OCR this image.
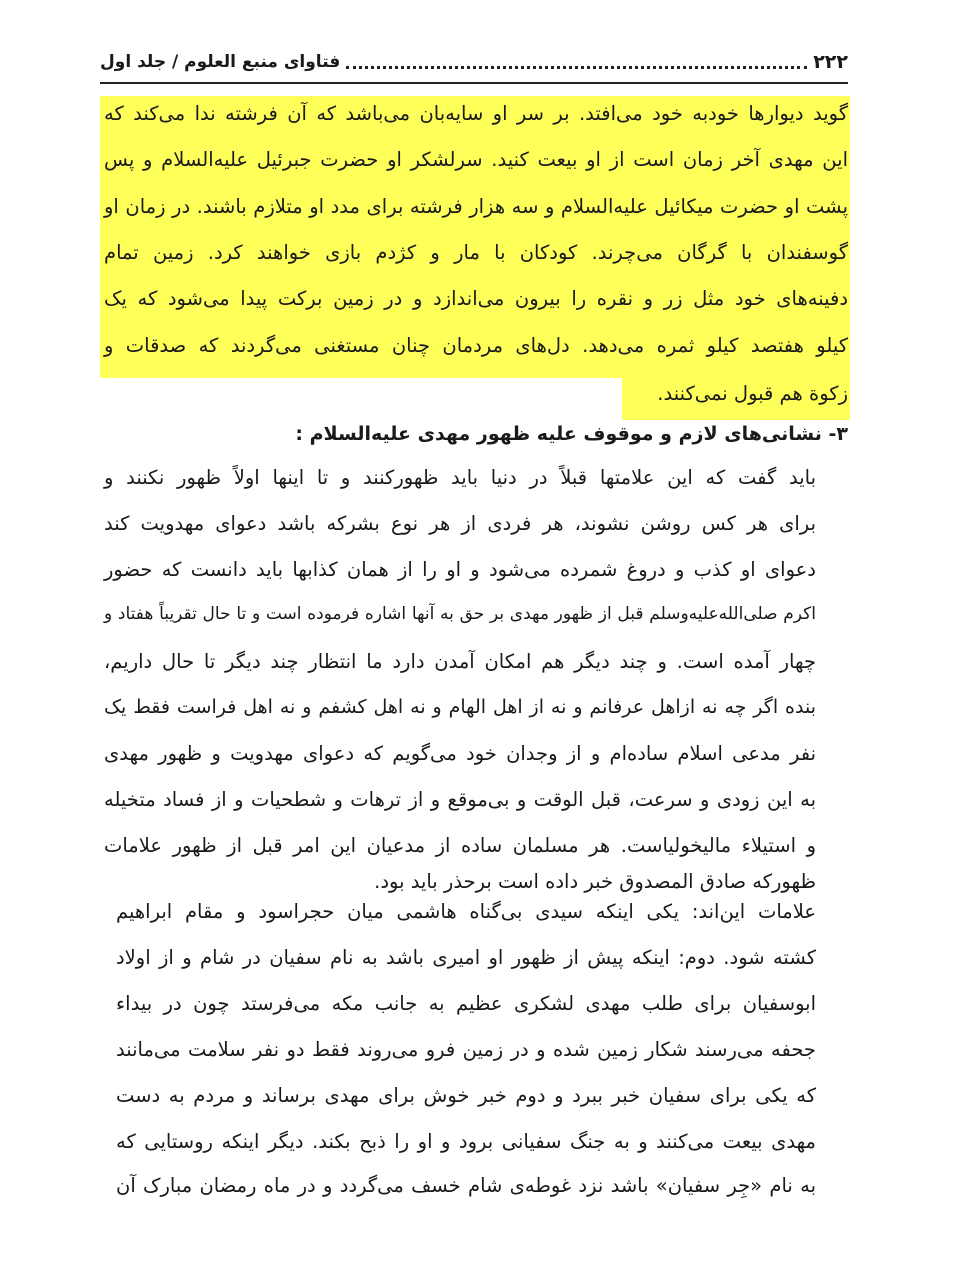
۲۲۲
فتاوای منبع العلوم / جلد اول
گوید دیوارها خودبه خود می‌افتد. بر سر او سایه‌بان می‌باشد که آن فرشته ندا می‌کند که
این مهدی آخر زمان است از او بیعت کنید. سرلشکر او حضرت جبرئیل علیه‌السلام و پس
پشت او حضرت میکائیل علیه‌السلام و سه هزار فرشته برای مدد او متلازم باشند. در زمان او
گوسفندان با گرگان می‌چرند. کودکان با مار و کژدم بازی خواهند کرد. زمین تمام
دفینه‌های خود مثل زر و نقره را بیرون می‌اندازد و در زمین برکت پیدا می‌شود که یک
کیلو هفتصد کیلو ثمره می‌دهد. دل‌های مردمان چنان مستغنی می‌گردند که صدقات و
زکوة هم قبول نمی‌کنند.
۳- نشانی‌های لازم و موقوف علیه ظهور مهدی علیه‌السلام :
باید گفت که این علامتها قبلاً در دنیا باید ظهورکنند و تا اینها اولاً ظهور نکنند و
برای هر کس روشن نشوند، هر فردی از هر نوع بشرکه باشد دعوای مهدویت کند
دعوای او کذب و دروغ شمرده می‌شود و او را از همان کذابها باید دانست که حضور
اکرم صلی‌الله‌علیه‌وسلم قبل از ظهور مهدی بر حق به آنها اشاره فرموده است و تا حال تقریباً هفتاد و
چهار آمده است. و چند دیگر هم امکان آمدن دارد ما انتظار چند دیگر تا حال داریم،
بنده اگر چه نه ازاهل عرفانم و نه از اهل الهام و نه اهل کشفم و نه اهل فراست فقط یک
نفر مدعی اسلام ساده‌ام و از وجدان خود می‌گویم که دعوای مهدویت و ظهور مهدی
به این زودی و سرعت، قبل الوقت و بی‌موقع و از ترهات و شطحیات و از فساد متخیله
و استیلاء مالیخولیاست. هر مسلمان ساده از مدعیان این امر قبل از ظهور علامات
ظهورکه صادق المصدوق خبر داده است برحذر باید بود.
علامات این‌اند: یکی اینکه سیدی بی‌گناه هاشمی میان حجراسود و مقام ابراهیم
کشته شود. دوم: اینکه پیش از ظهور او امیری باشد به نام سفیان در شام و از اولاد
ابوسفیان برای طلب مهدی لشکری عظیم به جانب مکه می‌فرستد چون در بیداء
جحفه می‌رسند شکار زمین شده و در زمین فرو می‌روند فقط دو نفر سلامت می‌مانند
که یکی برای سفیان خبر ببرد و دوم خبر خوش برای مهدی برساند و مردم به دست
مهدی بیعت می‌کنند و به جنگ سفیانی برود و او را ذبح بکند. دیگر اینکه روستایی که
به نام «جِر سفیان» باشد نزد غوطه‌ی شام خسف می‌گردد و در ماه رمضان مبارک آن
